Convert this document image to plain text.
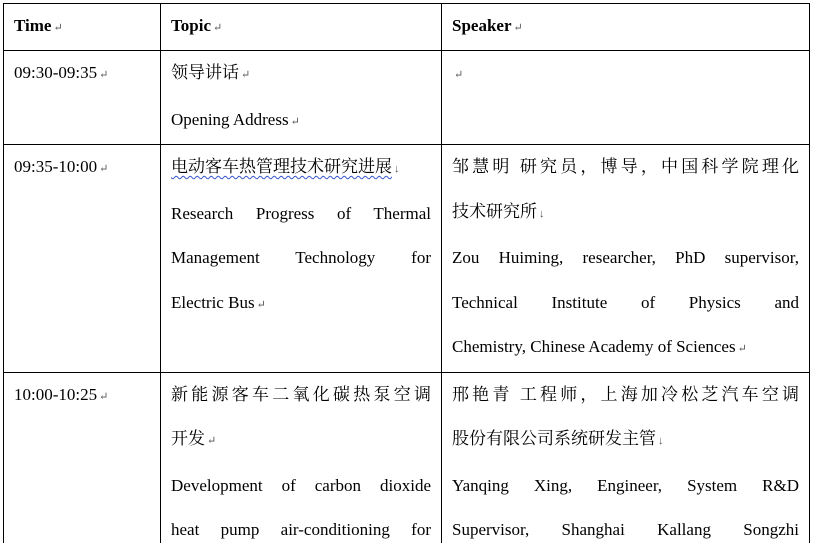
Time ↵	Topic ↵	Speaker ↵
09:30-09:35 ↵	领导讲话 ↵
Opening Address ↵	↵

09:35-10:00 ↵	电动客车热管理技术研究进展 ↓
Research Progress of Thermal
Management Technology for
Electric Bus ↵	邹慧明 研究员，博导，中国科学院理化
技术研究所 ↓
Zou Huiming, researcher, PhD supervisor,
Technical Institute of Physics and
Chemistry, Chinese Academy of Sciences ↵

10:00-10:25 ↵	新能源客车二氧化碳热泵空调
开发 ↵
Development of carbon dioxide
heat pump air-conditioning for	邢艳青 工程师，上海加冷松芝汽车空调
股份有限公司系统研发主管 ↓
Yanqing Xing, Engineer, System R&D
Supervisor, Shanghai Kallang Songzhi
